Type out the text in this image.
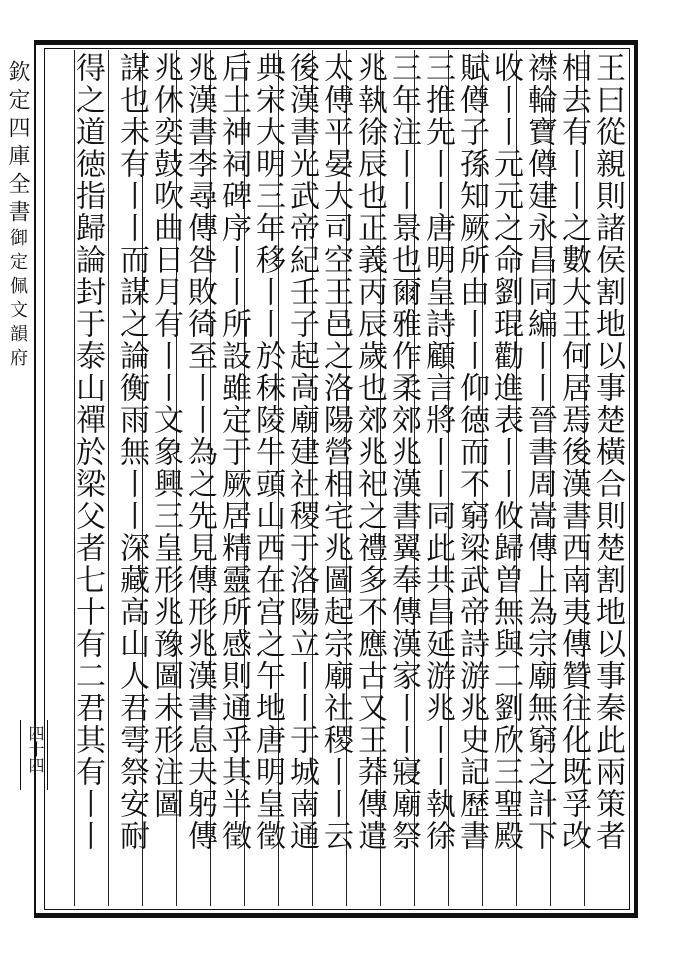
欽定四庫全書御定佩文韻府
四十四	王曰從親則諸侯割地以事楚橫合則楚割地以事秦此兩策者
相去有丨丨之數大王何居焉後漢書西南夷傳贊往化既孚改
襟輪寶僔建永昌同編丨丨晉書周嵩傳上為宗廟無窮之計下
收丨丨元元之命劉琨勸進表丨丨攸歸曽無與二劉欣三聖殿
賦僔子孫知厥所由丨丨仰徳而不窮梁武帝詩游兆史記歷書
三推先丨丨唐明皇詩顧言將丨丨同此共昌延游兆丨丨執徐
三年注丨丨景也爾雅作柔郊兆漢書翼奉傳漢家丨丨寢廟祭
兆執徐辰也正義丙辰歲也郊兆祀之禮多不應古又王莽傳遣
太傅平晏大司空王邑之洛陽營相宅兆圖起宗廟社稷丨丨云
後漢書光武帝紀壬子起高廟建社稷于洛陽立丨丨于城南通
典宋大明三年移丨丨於秣陵牛頭山西在宫之午地唐明皇徵
后土神祠碑序丨丨所設雖定于厥居精靈所感則通乎其半徵
兆漢書李尋傳咎敗徛至丨丨為之先見傳形兆漢書息夫躬傳
兆休奕鼓吹曲日月有丨丨文象興三皇形兆豫圖未形注圖
謀也未有丨丨而謀之論衡雨無丨丨深藏高山人君雩祭安耐
得之道徳指歸論封于泰山禪於梁父者七十有二君其有丨丨
